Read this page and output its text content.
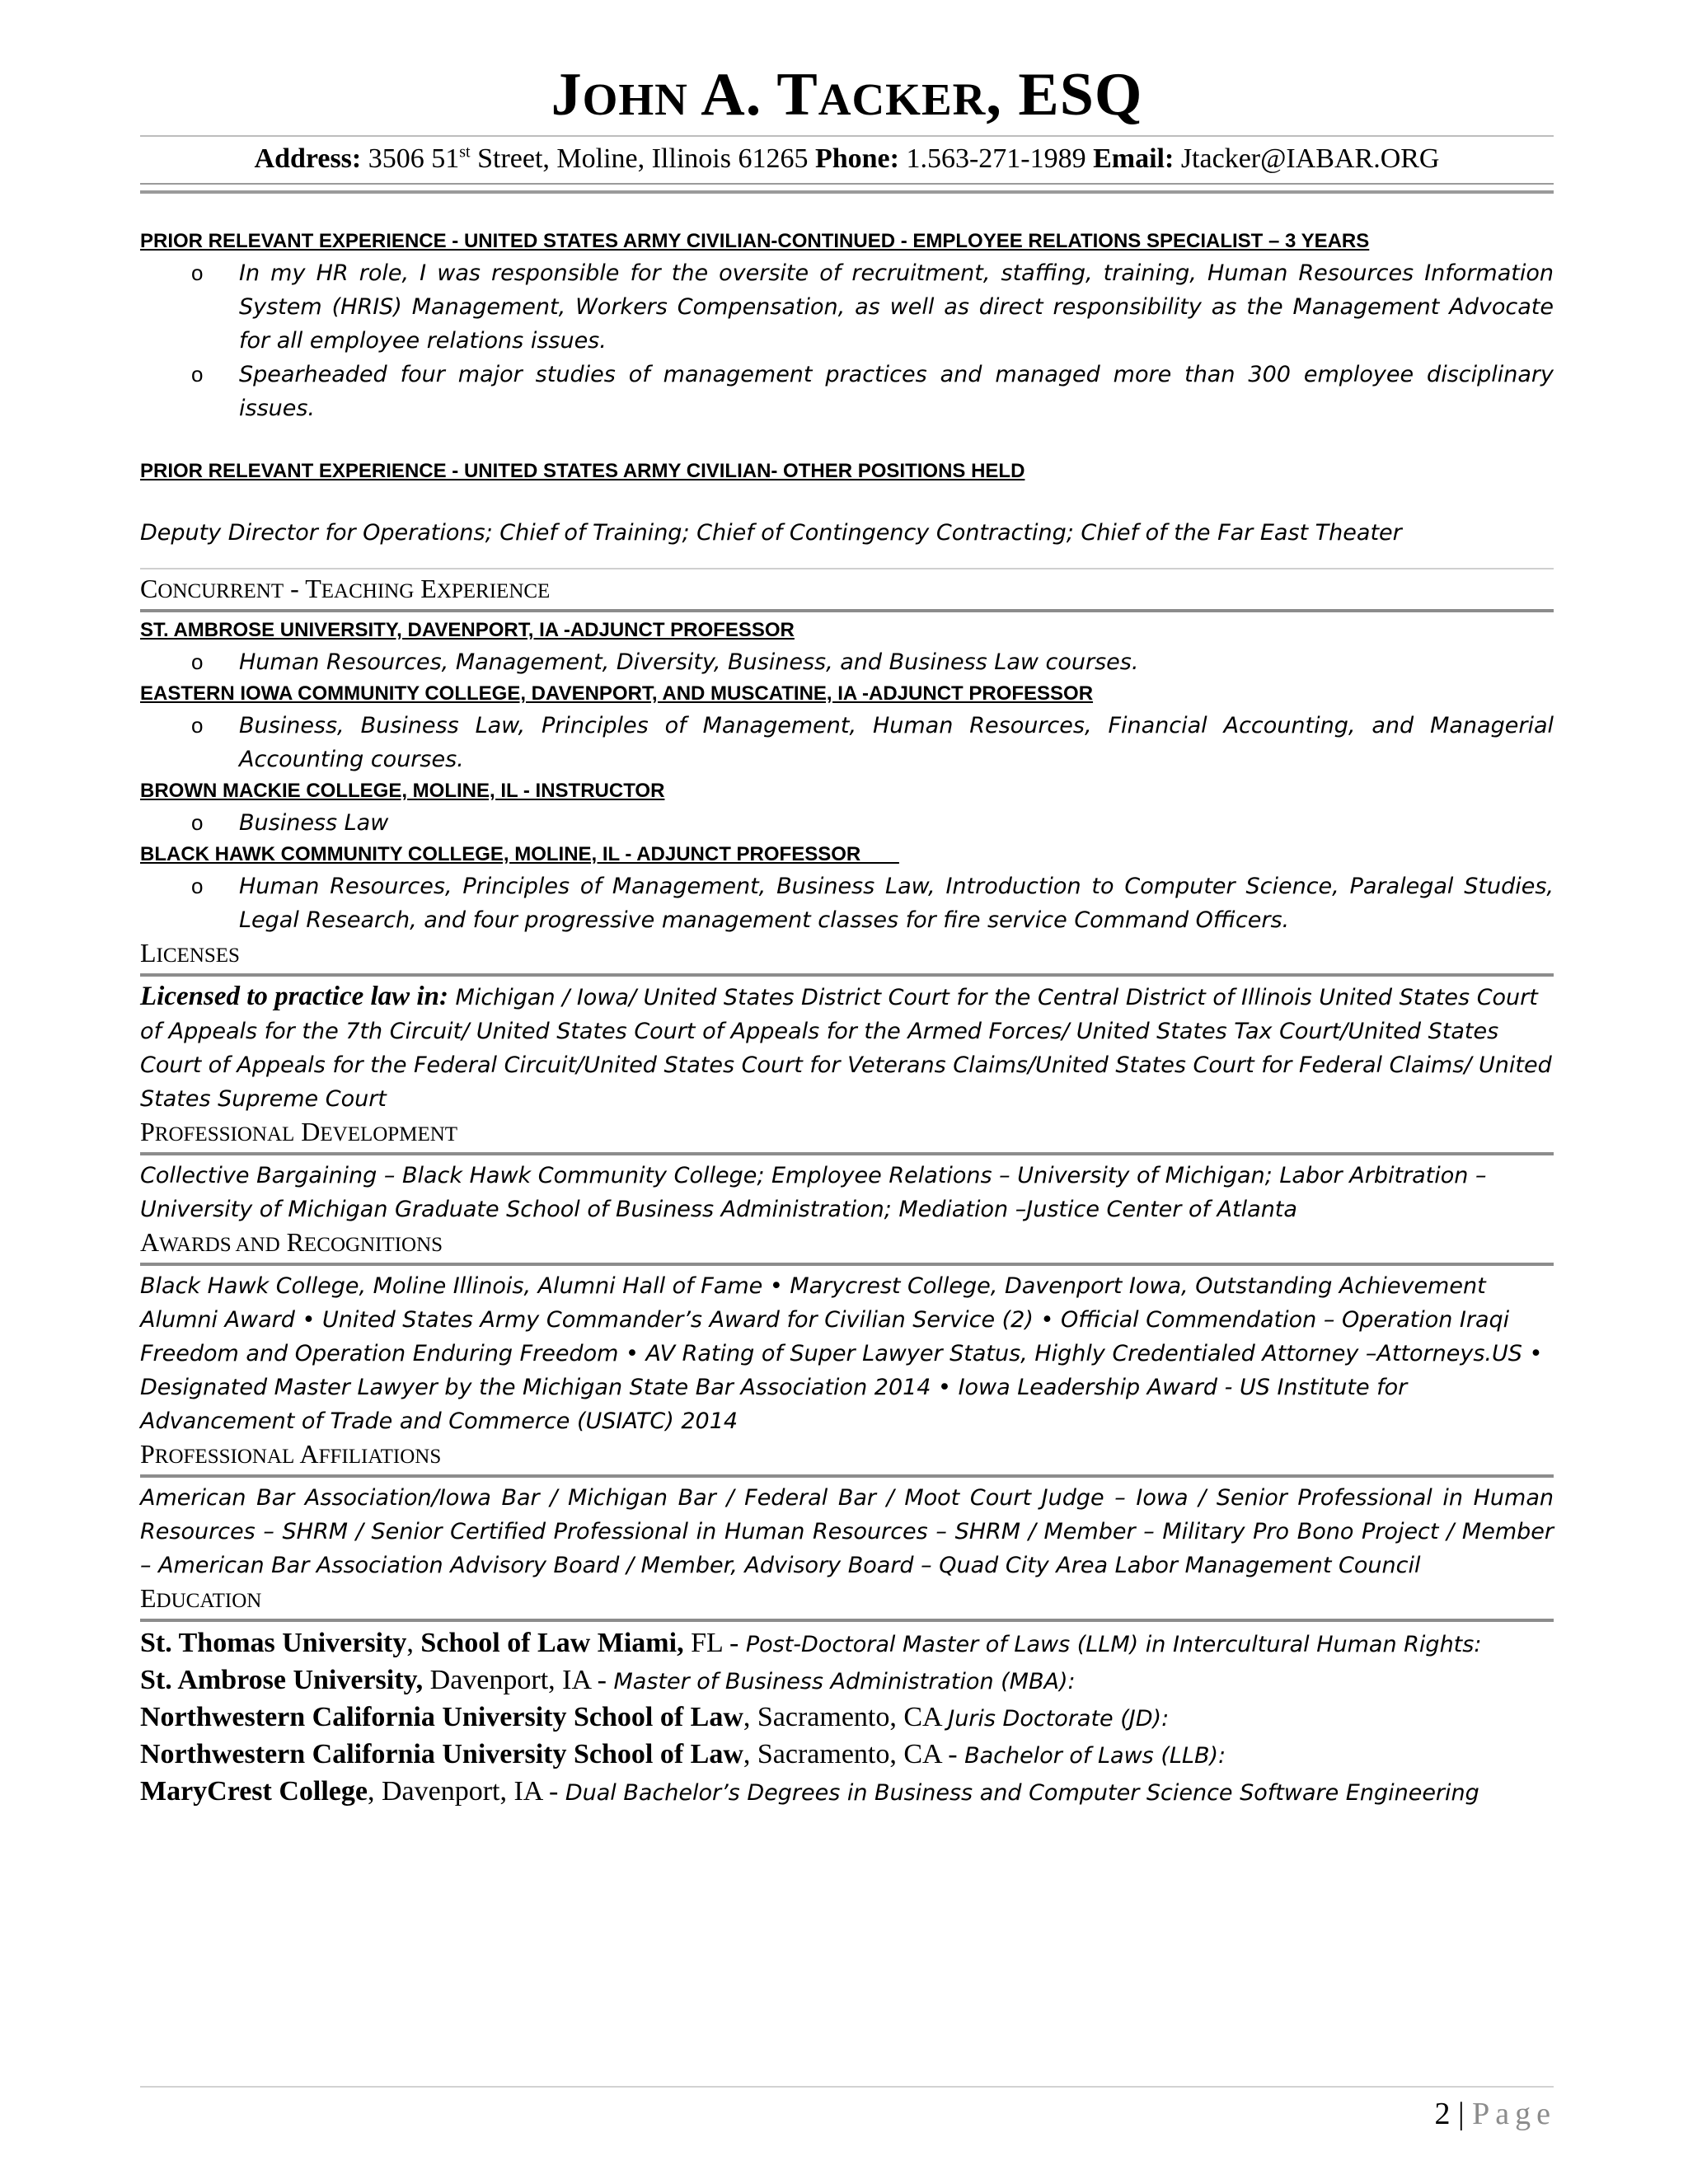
JOHN A. TACKER, ESQ
Address: 3506 51st Street, Moline, Illinois 61265 Phone: 1.563-271-1989 Email: Jtacker@IABAR.ORG

PRIOR RELEVANT EXPERIENCE - UNITED STATES ARMY CIVILIAN-CONTINUED - EMPLOYEE RELATIONS SPECIALIST – 3 YEARS

o	In my HR role, I was responsible for the oversite of recruitment, staffing, training, Human Resources Information System (HRIS) Management, Workers Compensation, as well as direct responsibility as the Management Advocate for all employee relations issues.
o	Spearheaded four major studies of management practices and managed more than 300 employee disciplinary issues.

PRIOR RELEVANT EXPERIENCE - UNITED STATES ARMY CIVILIAN- OTHER POSITIONS HELD

Deputy Director for Operations; Chief of Training; Chief of Contingency Contracting; Chief of the Far East Theater

CONCURRENT - TEACHING EXPERIENCE

ST. AMBROSE UNIVERSITY, DAVENPORT, IA -ADJUNCT PROFESSOR

o	Human Resources, Management, Diversity, Business, and Business Law courses.

EASTERN IOWA COMMUNITY COLLEGE, DAVENPORT, AND MUSCATINE, IA -ADJUNCT PROFESSOR

o	Business, Business Law, Principles of Management, Human Resources, Financial Accounting, and Managerial Accounting courses.

BROWN MACKIE COLLEGE, MOLINE, IL - INSTRUCTOR

o	Business Law

BLACK HAWK COMMUNITY COLLEGE, MOLINE, IL - ADJUNCT PROFESSOR

o	Human Resources, Principles of Management, Business Law, Introduction to Computer Science, Paralegal Studies, Legal Research, and four progressive management classes for fire service Command Officers.
LICENSES

Licensed to practice law in: Michigan / Iowa/ United States District Court for the Central District of Illinois United States Court of Appeals for the 7th Circuit/ United States Court of Appeals for the Armed Forces/ United States Tax Court/United States Court of Appeals for the Federal Circuit/United States Court for Veterans Claims/United States Court for Federal Claims/ United States Supreme Court

PROFESSIONAL DEVELOPMENT

Collective Bargaining – Black Hawk Community College; Employee Relations – University of Michigan; Labor Arbitration – University of Michigan Graduate School of Business Administration; Mediation –Justice Center of Atlanta

AWARDS AND RECOGNITIONS

Black Hawk College, Moline Illinois, Alumni Hall of Fame • Marycrest College, Davenport Iowa, Outstanding Achievement Alumni Award • United States Army Commander’s Award for Civilian Service (2) • Official Commendation – Operation Iraqi Freedom and Operation Enduring Freedom • AV Rating of Super Lawyer Status, Highly Credentialed Attorney –Attorneys.US • Designated Master Lawyer by the Michigan State Bar Association 2014 • Iowa Leadership Award - US Institute for Advancement of Trade and Commerce (USIATC) 2014

PROFESSIONAL AFFILIATIONS

American Bar Association/Iowa Bar / Michigan Bar / Federal Bar / Moot Court Judge – Iowa / Senior Professional in Human Resources – SHRM / Senior Certified Professional in Human Resources – SHRM / Member – Military Pro Bono Project / Member – American Bar Association Advisory Board / Member, Advisory Board – Quad City Area Labor Management Council

EDUCATION

St. Thomas University, School of Law Miami, FL - Post-Doctoral Master of Laws (LLM) in Intercultural Human Rights:

St. Ambrose University, Davenport, IA - Master of Business Administration (MBA):

Northwestern California University School of Law, Sacramento, CA Juris Doctorate (JD):

Northwestern California University School of Law, Sacramento, CA - Bachelor of Laws (LLB):

MaryCrest College, Davenport, IA - Dual Bachelor’s Degrees in Business and Computer Science Software Engineering

2 | Page
